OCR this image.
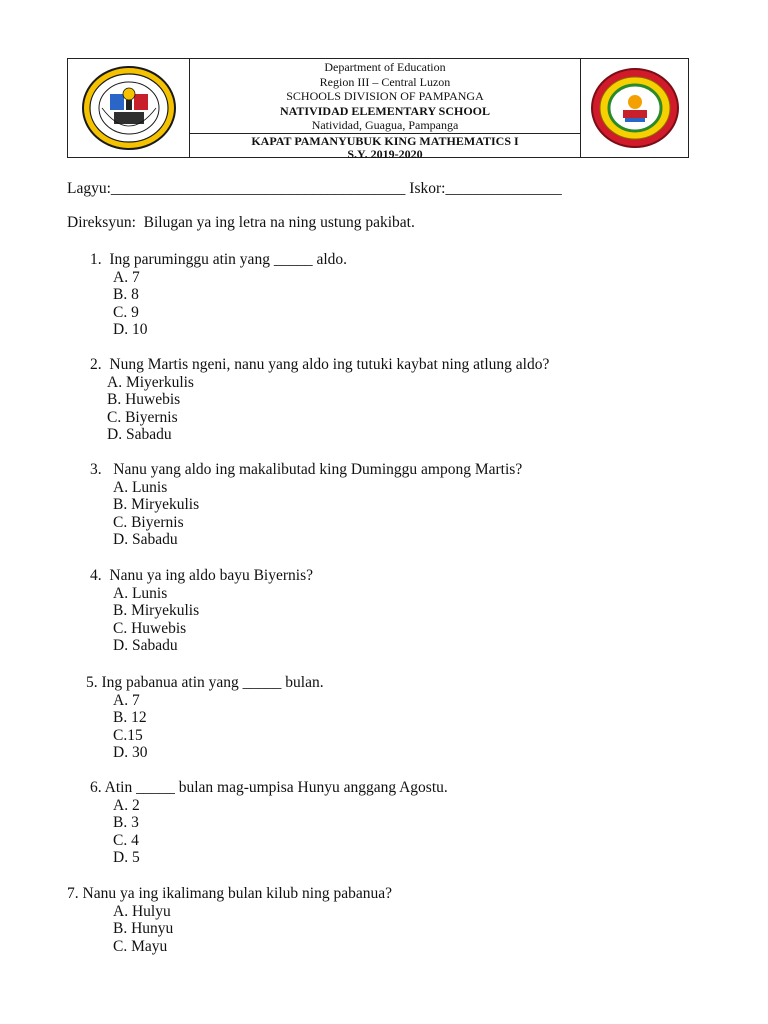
Department of Education
Region III – Central Luzon
SCHOOLS DIVISION OF PAMPANGA
NATIVIDAD ELEMENTARY SCHOOL
Natividad, Guagua, Pampanga
KAPAT PAMANYUBUK KING MATHEMATICS I
S.Y. 2019-2020
Lagyu:______________________________________ Iskor:_______________
Direksyun:  Bilugan ya ing letra na ning ustung pakibat.
1.  Ing paruminggu atin yang _____ aldo.
A. 7
B. 8
C. 9
D. 10
2.  Nung Martis ngeni, nanu yang aldo ing tutuki kaybat ning atlung aldo?
A. Miyerkulis
B. Huwebis
C. Biyernis
D. Sabadu
3.   Nanu yang aldo ing makalibutad king Duminggu ampong Martis?
A. Lunis
B. Miryekulis
C. Biyernis
D. Sabadu
4.  Nanu ya ing aldo bayu Biyernis?
A. Lunis
B. Miryekulis
C. Huwebis
D. Sabadu
5. Ing pabanua atin yang _____ bulan.
A. 7
B. 12
C.15
D. 30
6. Atin _____ bulan mag-umpisa Hunyu anggang Agostu.
A. 2
B. 3
C. 4
D. 5
7. Nanu ya ing ikalimang bulan kilub ning pabanua?
A. Hulyu
B. Hunyu
C. Mayu
